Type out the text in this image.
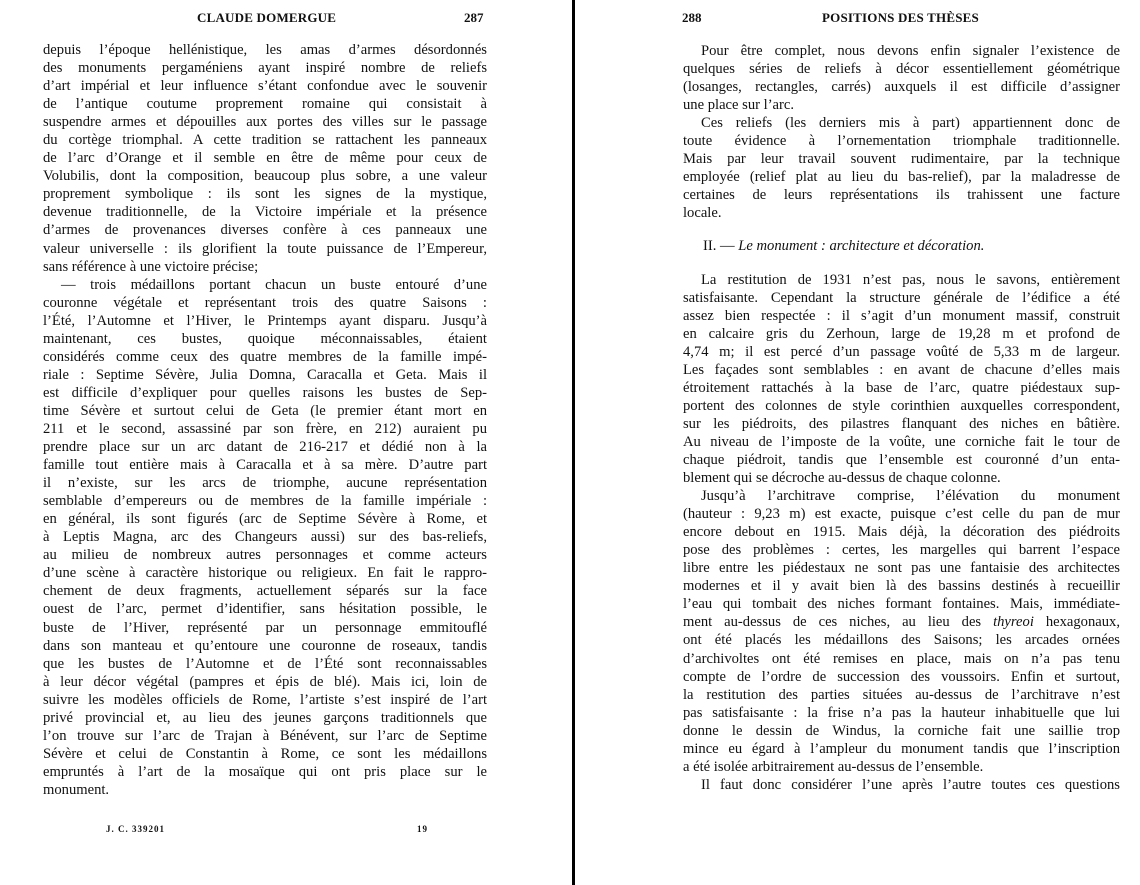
CLAUDE DOMERGUE	287
depuis l’époque hellénistique, les amas d’armes désordonnés
des monuments pergaméniens ayant inspiré nombre de reliefs
d’art impérial et leur influence s’étant confondue avec le souvenir
de l’antique coutume proprement romaine qui consistait à
suspendre armes et dépouilles aux portes des villes sur le passage
du cortège triomphal. A cette tradition se rattachent les panneaux
de l’arc d’Orange et il semble en être de même pour ceux de
Volubilis, dont la composition, beaucoup plus sobre, a une valeur
proprement symbolique : ils sont les signes de la mystique,
devenue traditionnelle, de la Victoire impériale et la présence
d’armes de provenances diverses confère à ces panneaux une
valeur universelle : ils glorifient la toute puissance de l’Empereur,
sans référence à une victoire précise;
— trois médaillons portant chacun un buste entouré d’une
couronne végétale et représentant trois des quatre Saisons :
l’Été, l’Automne et l’Hiver, le Printemps ayant disparu. Jusqu’à
maintenant, ces bustes, quoique méconnaissables, étaient
considérés comme ceux des quatre membres de la famille impé-
riale : Septime Sévère, Julia Domna, Caracalla et Geta. Mais il
est difficile d’expliquer pour quelles raisons les bustes de Sep-
time Sévère et surtout celui de Geta (le premier étant mort en
211 et le second, assassiné par son frère, en 212) auraient pu
prendre place sur un arc datant de 216-217 et dédié non à la
famille tout entière mais à Caracalla et à sa mère. D’autre part
il n’existe, sur les arcs de triomphe, aucune représentation
semblable d’empereurs ou de membres de la famille impériale :
en général, ils sont figurés (arc de Septime Sévère à Rome, et
à Leptis Magna, arc des Changeurs aussi) sur des bas-reliefs,
au milieu de nombreux autres personnages et comme acteurs
d’une scène à caractère historique ou religieux. En fait le rappro-
chement de deux fragments, actuellement séparés sur la face
ouest de l’arc, permet d’identifier, sans hésitation possible, le
buste de l’Hiver, représenté par un personnage emmitouflé
dans son manteau et qu’entoure une couronne de roseaux, tandis
que les bustes de l’Automne et de l’Été sont reconnaissables
à leur décor végétal (pampres et épis de blé). Mais ici, loin de
suivre les modèles officiels de Rome, l’artiste s’est inspiré de l’art
privé provincial et, au lieu des jeunes garçons traditionnels que
l’on trouve sur l’arc de Trajan à Bénévent, sur l’arc de Septime
Sévère et celui de Constantin à Rome, ce sont les médaillons
empruntés à l’art de la mosaïque qui ont pris place sur le
monument.
J. C. 339201	19
288	POSITIONS DES THÈSES
Pour être complet, nous devons enfin signaler l’existence de
quelques séries de reliefs à décor essentiellement géométrique
(losanges, rectangles, carrés) auxquels il est difficile d’assigner
une place sur l’arc.
Ces reliefs (les derniers mis à part) appartiennent donc de
toute évidence à l’ornementation triomphale traditionnelle.
Mais par leur travail souvent rudimentaire, par la technique
employée (relief plat au lieu du bas-relief), par la maladresse de
certaines de leurs représentations ils trahissent une facture
locale.
II. — Le monument : architecture et décoration.
La restitution de 1931 n’est pas, nous le savons, entièrement
satisfaisante. Cependant la structure générale de l’édifice a été
assez bien respectée : il s’agit d’un monument massif, construit
en calcaire gris du Zerhoun, large de 19,28 m et profond de
4,74 m; il est percé d’un passage voûté de 5,33 m de largeur.
Les façades sont semblables : en avant de chacune d’elles mais
étroitement rattachés à la base de l’arc, quatre piédestaux sup-
portent des colonnes de style corinthien auxquelles correspondent,
sur les piédroits, des pilastres flanquant des niches en bâtière.
Au niveau de l’imposte de la voûte, une corniche fait le tour de
chaque piédroit, tandis que l’ensemble est couronné d’un enta-
blement qui se décroche au-dessus de chaque colonne.
Jusqu’à l’architrave comprise, l’élévation du monument
(hauteur : 9,23 m) est exacte, puisque c’est celle du pan de mur
encore debout en 1915. Mais déjà, la décoration des piédroits
pose des problèmes : certes, les margelles qui barrent l’espace
libre entre les piédestaux ne sont pas une fantaisie des architectes
modernes et il y avait bien là des bassins destinés à recueillir
l’eau qui tombait des niches formant fontaines. Mais, immédiate-
ment au-dessus de ces niches, au lieu des thyreoi hexagonaux,
ont été placés les médaillons des Saisons; les arcades ornées
d’archivoltes ont été remises en place, mais on n’a pas tenu
compte de l’ordre de succession des voussoirs. Enfin et surtout,
la restitution des parties situées au-dessus de l’architrave n’est
pas satisfaisante : la frise n’a pas la hauteur inhabituelle que lui
donne le dessin de Windus, la corniche fait une saillie trop
mince eu égard à l’ampleur du monument tandis que l’inscription
a été isolée arbitrairement au-dessus de l’ensemble.
Il faut donc considérer l’une après l’autre toutes ces questions
